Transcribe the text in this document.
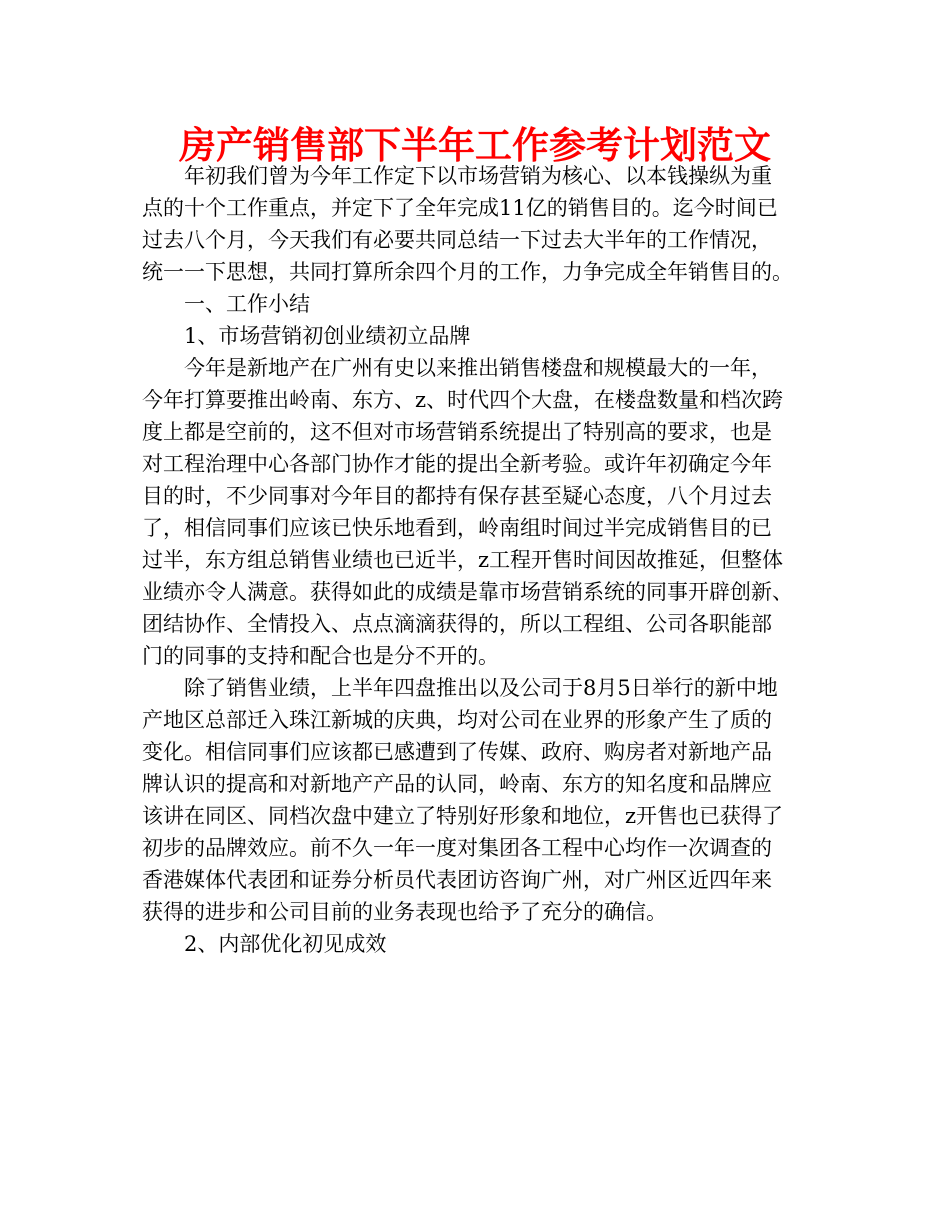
房产销售部下半年工作参考计划范文
年初我们曾为今年工作定下以市场营销为核心、以本钱操纵为重
点的十个工作重点，并定下了全年完成11亿的销售目的。迄今时间已
过去八个月，今天我们有必要共同总结一下过去大半年的工作情况，
统一一下思想，共同打算所余四个月的工作，力争完成全年销售目的。
一、工作小结
1、市场营销初创业绩初立品牌
今年是新地产在广州有史以来推出销售楼盘和规模最大的一年，
今年打算要推出岭南、东方、z、时代四个大盘，在楼盘数量和档次跨
度上都是空前的，这不但对市场营销系统提出了特别高的要求，也是
对工程治理中心各部门协作才能的提出全新考验。或许年初确定今年
目的时，不少同事对今年目的都持有保存甚至疑心态度，八个月过去
了，相信同事们应该已快乐地看到，岭南组时间过半完成销售目的已
过半，东方组总销售业绩也已近半，z工程开售时间因故推延，但整体
业绩亦令人满意。获得如此的成绩是靠市场营销系统的同事开辟创新、
团结协作、全情投入、点点滴滴获得的，所以工程组、公司各职能部
门的同事的支持和配合也是分不开的。
除了销售业绩，上半年四盘推出以及公司于8月5日举行的新中地
产地区总部迁入珠江新城的庆典，均对公司在业界的形象产生了质的
变化。相信同事们应该都已感遭到了传媒、政府、购房者对新地产品
牌认识的提高和对新地产产品的认同，岭南、东方的知名度和品牌应
该讲在同区、同档次盘中建立了特别好形象和地位，z开售也已获得了
初步的品牌效应。前不久一年一度对集团各工程中心均作一次调查的
香港媒体代表团和证券分析员代表团访咨询广州，对广州区近四年来
获得的进步和公司目前的业务表现也给予了充分的确信。
2、内部优化初见成效
